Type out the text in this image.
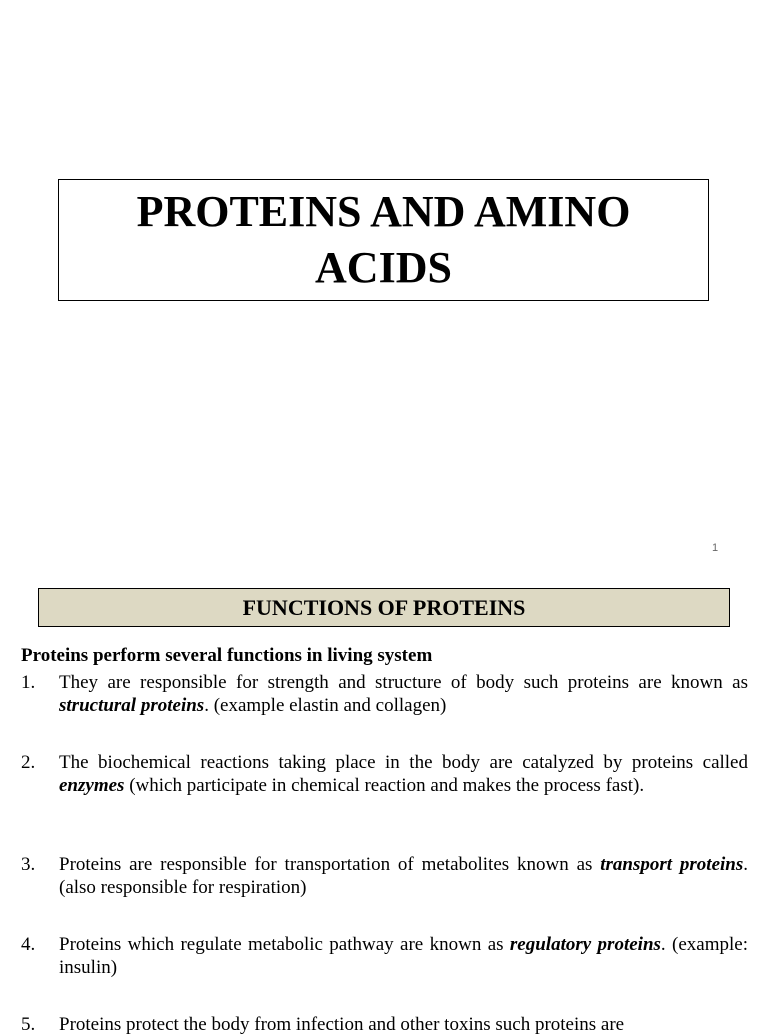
PROTEINS AND AMINO
ACIDS
1
FUNCTIONS OF PROTEINS
Proteins perform several functions in living system
1.	They are responsible for strength and structure of body such proteins are known as structural proteins. (example elastin and collagen)
2.	The biochemical reactions taking place in the body are catalyzed by proteins called enzymes (which participate in chemical reaction and makes the process fast).
3.	Proteins are responsible for transportation of metabolites known as transport proteins. (also responsible for respiration)
4.	Proteins which regulate metabolic pathway are known as regulatory proteins. (example: insulin)
5.	Proteins protect the body from infection and other toxins such proteins are
